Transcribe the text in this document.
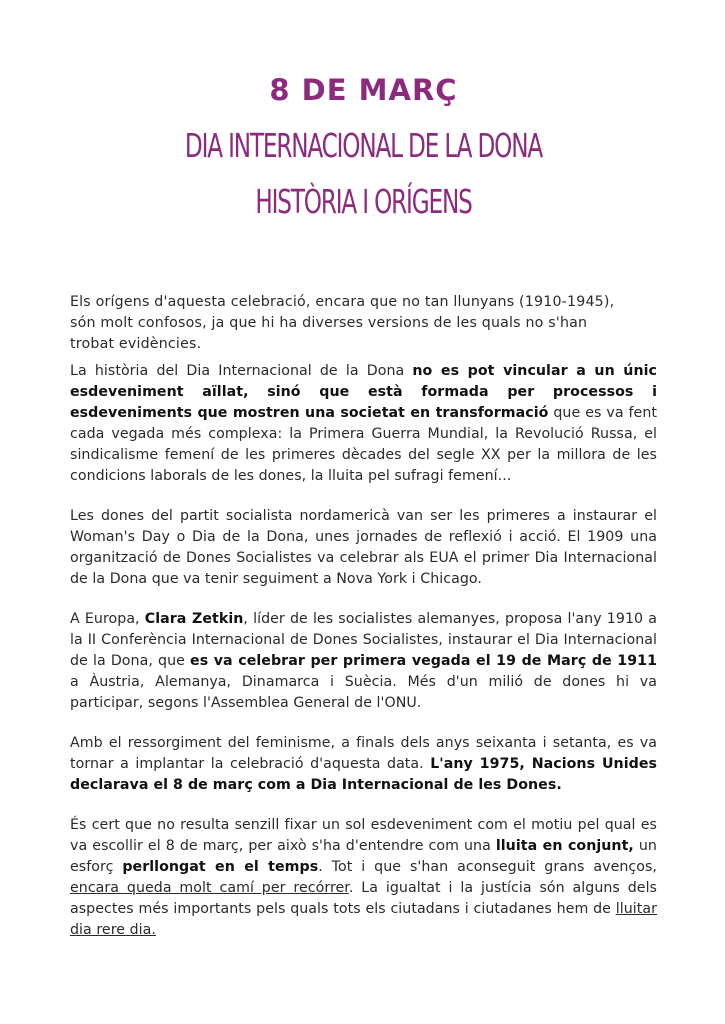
8 DE MARÇ
DIA INTERNACIONAL DE LA DONA
HISTÒRIA I ORÍGENS

Els orígens d'aquesta celebració, encara que no tan llunyans (1910-1945), són molt confosos, ja que hi ha diverses versions de les quals no s'han trobat evidències.

La història del Dia Internacional de la Dona no es pot vincular a un únic esdeveniment aïllat, sinó que està formada per processos i esdeveniments que mostren una societat en transformació que es va fent cada vegada més complexa: la Primera Guerra Mundial, la Revolució Russa, el sindicalisme femení de les primeres dècades del segle XX per la millora de les condicions laborals de les dones, la lluita pel sufragi femení...

Les dones del partit socialista nordamericà van ser les primeres a instaurar el Woman's Day o Dia de la Dona, unes jornades de reflexió i acció. El 1909 una organització de Dones Socialistes va celebrar als EUA el primer Dia Internacional de la Dona que va tenir seguiment a Nova York i Chicago.

A Europa, Clara Zetkin, líder de les socialistes alemanyes, proposa l'any 1910 a la II Conferència Internacional de Dones Socialistes, instaurar el Dia Internacional de la Dona, que es va celebrar per primera vegada el 19 de Març de 1911 a Àustria, Alemanya, Dinamarca i Suècia. Més d'un milió de dones hi va participar, segons l'Assemblea General de l'ONU.

Amb el ressorgiment del feminisme, a finals dels anys seixanta i setanta, es va tornar a implantar la celebració d'aquesta data. L'any 1975, Nacions Unides declarava el 8 de març com a Dia Internacional de les Dones.

És cert que no resulta senzill fixar un sol esdeveniment com el motiu pel qual es va escollir el 8 de març, per això s'ha d'entendre com una lluita en conjunt, un esforç perllongat en el temps. Tot i que s'han aconseguit grans avenços, encara queda molt camí per recórrer. La igualtat i la justícia són alguns dels aspectes més importants pels quals tots els ciutadans i ciutadanes hem de lluitar dia rere dia.
